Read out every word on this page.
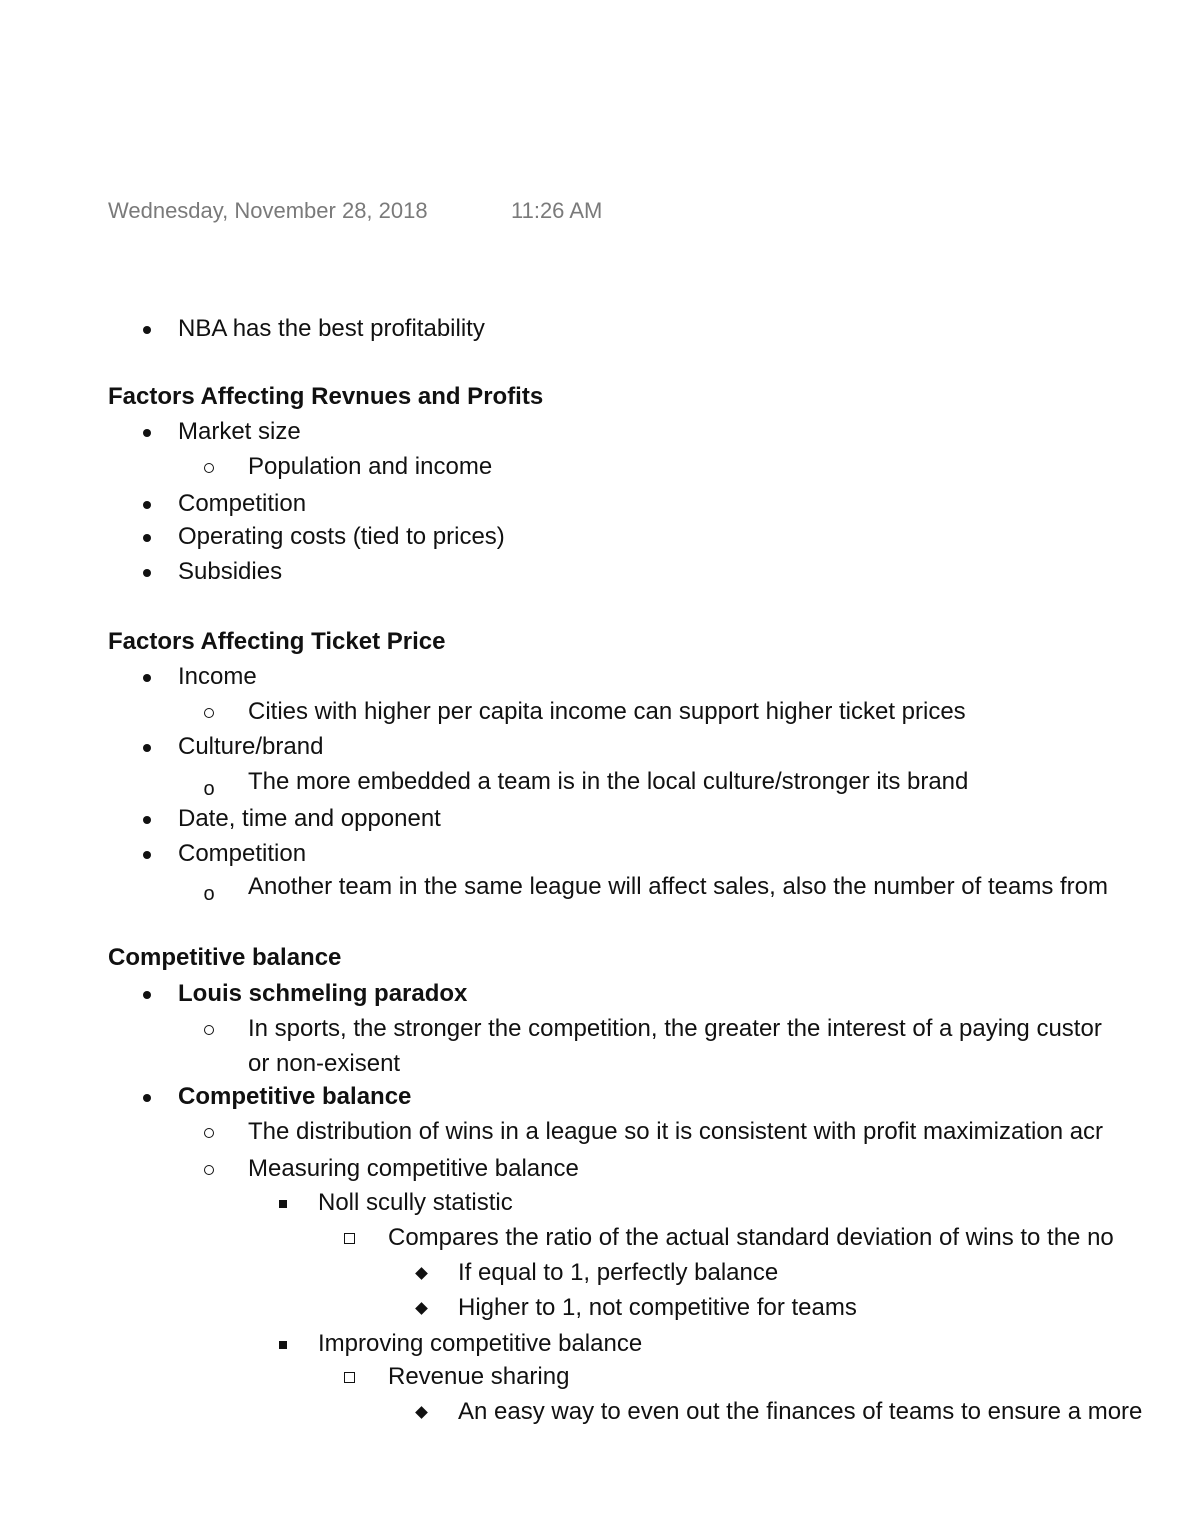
Wednesday, November 28, 2018	11:26 AM
NBA has the best profitability
Factors Affecting Revnues and Profits
Market size
Population and income
Competition
Operating costs (tied to prices)
Subsidies
Factors Affecting Ticket Price
Income
Cities with higher per capita income can support higher ticket prices
Culture/brand
o	The more embedded a team is in the local culture/stronger its brand
Date, time and opponent
Competition
o	Another team in the same league will affect sales, also the number of teams from
Competitive balance
Louis schmeling paradox
In sports, the stronger the competition, the greater the interest of a paying custor
or non-exisent
Competitive balance
The distribution of wins in a league so it is consistent with profit maximization acr
Measuring competitive balance
Noll scully statistic
Compares the ratio of the actual standard deviation of wins to the no
If equal to 1, perfectly balance
Higher to 1, not competitive for teams
Improving competitive balance
Revenue sharing
An easy way to even out the finances of teams to ensure a more
